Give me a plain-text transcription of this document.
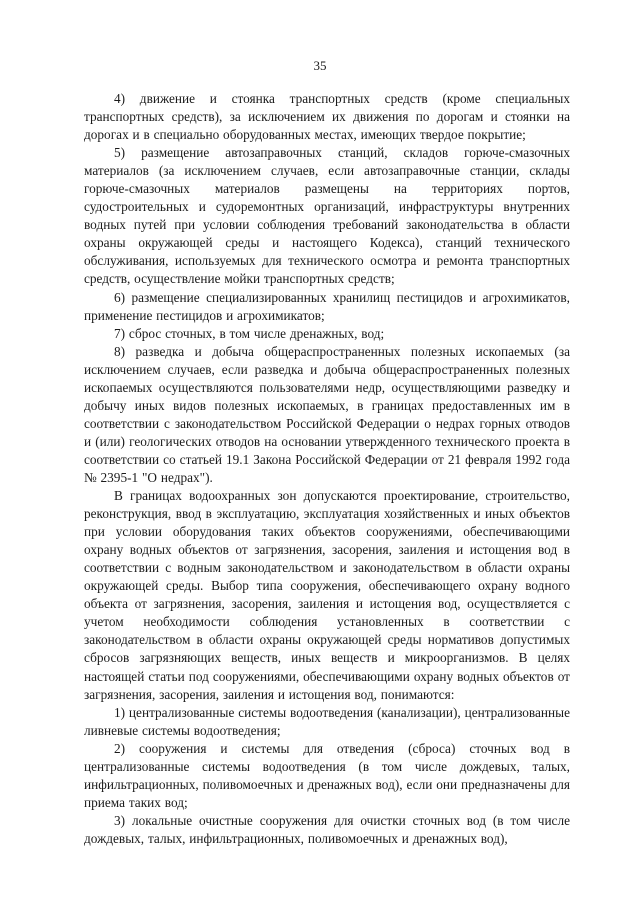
35

4) движение и стоянка транспортных средств (кроме специальных транспортных средств), за исключением их движения по дорогам и стоянки на дорогах и в специально оборудованных местах, имеющих твердое покрытие;

5) размещение автозаправочных станций, складов горюче-смазочных материалов (за исключением случаев, если автозаправочные станции, склады горюче-смазочных материалов размещены на территориях портов, судостроительных и судоремонтных организаций, инфраструктуры внутренних водных путей при условии соблюдения требований законодательства в области охраны окружающей среды и настоящего Кодекса), станций технического обслуживания, используемых для технического осмотра и ремонта транспортных средств, осуществление мойки транспортных средств;

6) размещение специализированных хранилищ пестицидов и агрохимикатов, применение пестицидов и агрохимикатов;

7) сброс сточных, в том числе дренажных, вод;

8) разведка и добыча общераспространенных полезных ископаемых (за исключением случаев, если разведка и добыча общераспространенных полезных ископаемых осуществляются пользователями недр, осуществляющими разведку и добычу иных видов полезных ископаемых, в границах предоставленных им в соответствии с законодательством Российской Федерации о недрах горных отводов и (или) геологических отводов на основании утвержденного технического проекта в соответствии со статьей 19.1 Закона Российской Федерации от 21 февраля 1992 года № 2395-1 "О недрах").

В границах водоохранных зон допускаются проектирование, строительство, реконструкция, ввод в эксплуатацию, эксплуатация хозяйственных и иных объектов при условии оборудования таких объектов сооружениями, обеспечивающими охрану водных объектов от загрязнения, засорения, заиления и истощения вод в соответствии с водным законодательством и законодательством в области охраны окружающей среды. Выбор типа сооружения, обеспечивающего охрану водного объекта от загрязнения, засорения, заиления и истощения вод, осуществляется с учетом необходимости соблюдения установленных в соответствии с законодательством в области охраны окружающей среды нормативов допустимых сбросов загрязняющих веществ, иных веществ и микроорганизмов. В целях настоящей статьи под сооружениями, обеспечивающими охрану водных объектов от загрязнения, засорения, заиления и истощения вод, понимаются:

1) централизованные системы водоотведения (канализации), централизованные ливневые системы водоотведения;

2) сооружения и системы для отведения (сброса) сточных вод в централизованные системы водоотведения (в том числе дождевых, талых, инфильтрационных, поливомоечных и дренажных вод), если они предназначены для приема таких вод;

3) локальные очистные сооружения для очистки сточных вод (в том числе дождевых, талых, инфильтрационных, поливомоечных и дренажных вод),
